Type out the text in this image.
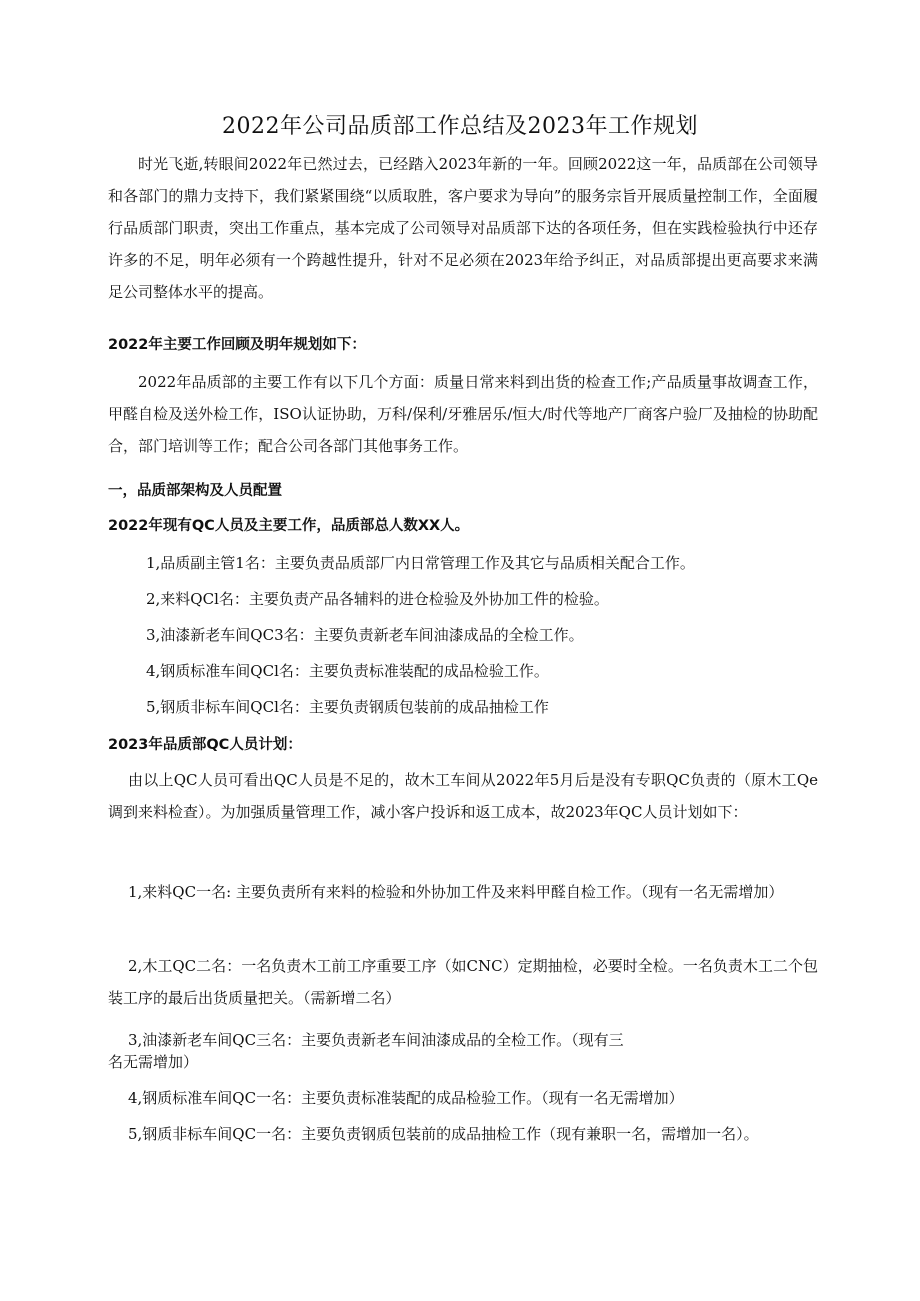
2022年公司品质部工作总结及2023年工作规划
时光飞逝,转眼间2022年已然过去，已经踏入2023年新的一年。回顾2022这一年，品质部在公司领导和各部门的鼎力支持下，我们紧紧围绕“以质取胜，客户要求为导向”的服务宗旨开展质量控制工作，全面履行品质部门职责，突出工作重点，基本完成了公司领导对品质部下达的各项任务，但在实践检验执行中还存许多的不足，明年必须有一个跨越性提升，针对不足必须在2023年给予纠正，对品质部提出更高要求来满足公司整体水平的提高。
2022年主要工作回顾及明年规划如下：
2022年品质部的主要工作有以下几个方面：质量日常来料到出货的检查工作;产品质量事故调查工作，甲醛自检及送外检工作，ISO认证协助，万科/保利/牙雅居乐/恒大/时代等地产厂商客户验厂及抽检的协助配合，部门培训等工作；配合公司各部门其他事务工作。
一，品质部架构及人员配置
2022年现有QC人员及主要工作，品质部总人数XX人。
1,品质副主管1名：主要负责品质部厂内日常管理工作及其它与品质相关配合工作。
2,来料QCl名：主要负责产品各辅料的进仓检验及外协加工件的检验。
3,油漆新老车间QC3名：主要负责新老车间油漆成品的全检工作。
4,钢质标准车间QCl名：主要负责标准装配的成品检验工作。
5,钢质非标车间QCl名：主要负责钢质包装前的成品抽检工作
2023年品质部QC人员计划：
由以上QC人员可看出QC人员是不足的，故木工车间从2022年5月后是没有专职QC负责的（原木工Qe调到来料检查）。为加强质量管理工作，减小客户投诉和返工成本，故2023年QC人员计划如下：
1,来料QC一名: 主要负责所有来料的检验和外协加工件及来料甲醛自检工作。（现有一名无需增加）
2,木工QC二名：一名负责木工前工序重要工序（如CNC）定期抽检，必要时全检。一名负责木工二个包装工序的最后出货质量把关。（需新增二名）
3,油漆新老车间QC三名：主要负责新老车间油漆成品的全检工作。（现有三
名无需增加）
4,钢质标准车间QC一名：主要负责标准装配的成品检验工作。（现有一名无需增加）
5,钢质非标车间QC一名：主要负责钢质包装前的成品抽检工作（现有兼职一名，需增加一名）。
